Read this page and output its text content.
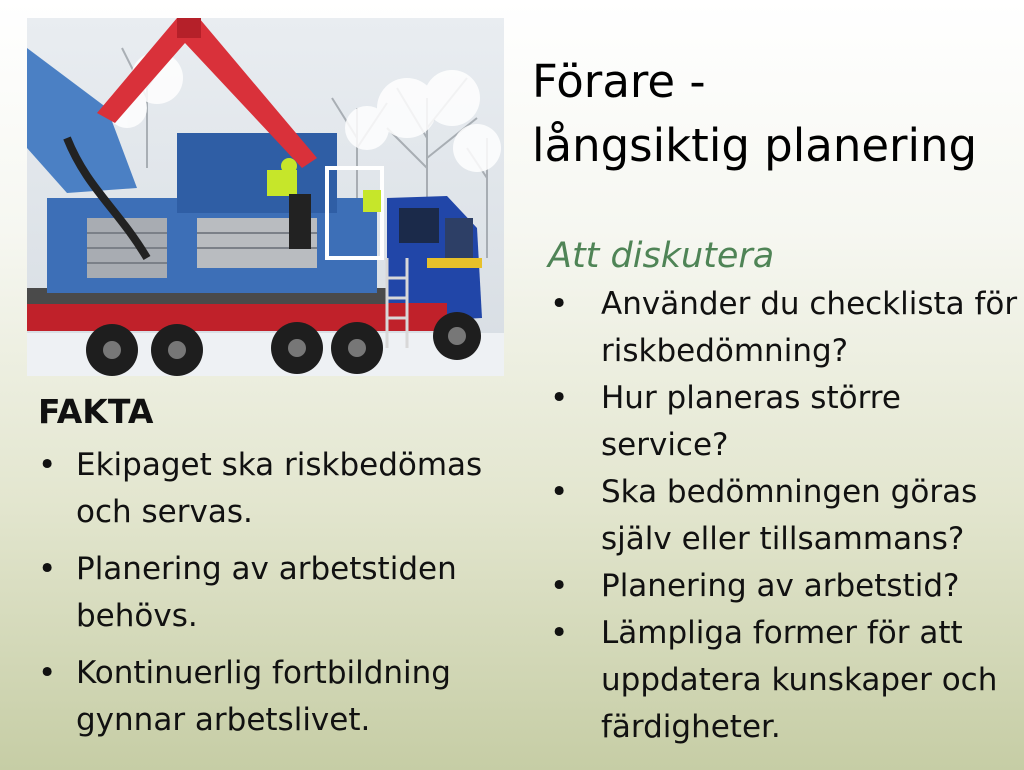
Förare -
långsiktig planering
Att diskutera
• Använder du checklista för riskbedömning?
• Hur planeras större service?
• Ska bedömningen göras själv eller tillsammans?
• Planering av arbetstid?
• Lämpliga former för att uppdatera kunskaper och färdigheter.
FAKTA
• Ekipaget ska riskbedömas och servas.
• Planering av arbetstiden behövs.
• Kontinuerlig fortbildning gynnar arbetslivet.
